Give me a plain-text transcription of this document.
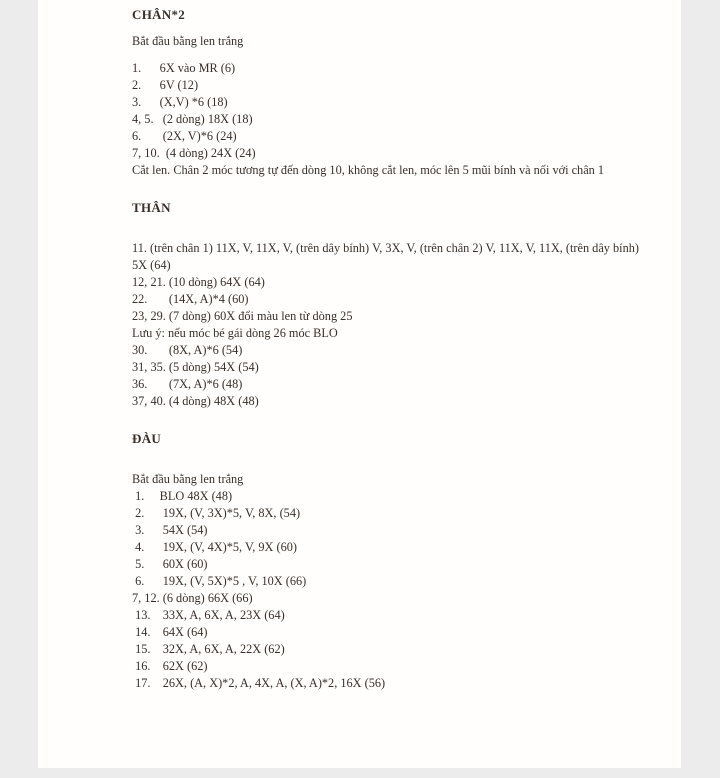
CHÂN*2

Bắt đầu bằng len trắng

1.      6X vào MR (6)

2.      6V (12)

3.      (X,V) *6 (18)

4, 5.   (2 dòng) 18X (18)

6.       (2X, V)*6 (24)

7, 10.  (4 dòng) 24X (24)

Cắt len. Chân 2 móc tương tự đến dòng 10, không cắt len, móc lên 5 mũi bính và nối với chân 1

THÂN

11. (trên chân 1) 11X, V, 11X, V, (trên dây bính) V, 3X, V, (trên chân 2) V, 11X, V, 11X, (trên dây bính) 5X (64)

12, 21. (10 dòng) 64X (64)

22.       (14X, A)*4 (60)

23, 29. (7 dòng) 60X đổi màu len từ dòng 25

Lưu ý: nếu móc bé gái dòng 26 móc BLO

30.       (8X, A)*6 (54)

31, 35. (5 dòng) 54X (54)

36.       (7X, A)*6 (48)

37, 40. (4 dòng) 48X (48)

ĐÀU

Bắt đầu bằng len trắng

1.     BLO 48X (48)

2.      19X, (V, 3X)*5, V, 8X, (54)

3.      54X (54)

4.      19X, (V, 4X)*5, V, 9X (60)

5.      60X (60)

6.      19X, (V, 5X)*5 , V, 10X (66)

7, 12. (6 dòng) 66X (66)

13.    33X, A, 6X, A, 23X (64)

14.    64X (64)

15.    32X, A, 6X, A, 22X (62)

16.    62X (62)

17.    26X, (A, X)*2, A, 4X, A, (X, A)*2, 16X (56)
